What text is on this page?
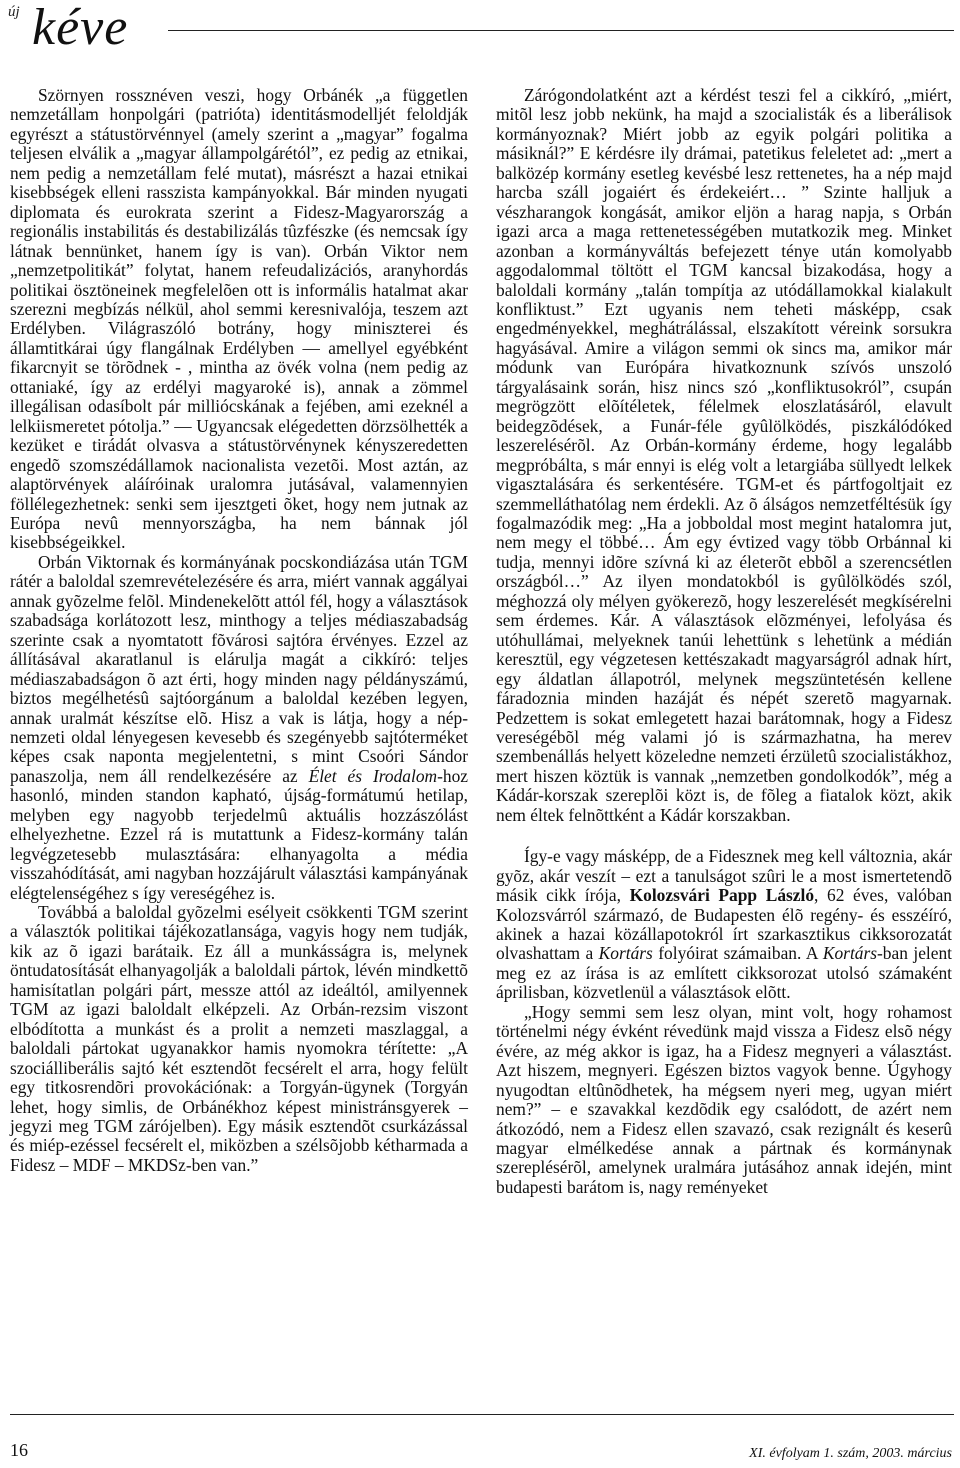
új kéve

Szörnyen rossznéven veszi, hogy Orbánék „a független nemzetállam honpolgári (patrióta) identitásmodelljét feloldják egyrészt a státustörvénnyel (amely szerint a „magyar” fogalma teljesen elválik a „magyar állampolgárétól”, ez pedig az etnikai, nem pedig a nemzetállam felé mutat), másrészt a hazai etnikai kisebbségek elleni rasszista kampányokkal. Bár minden nyugati diplomata és eurokrata szerint a Fidesz-Magyarország a regionális instabilitás és destabilizálás tûzfészke (és nemcsak így látnak bennünket, hanem így is van). Orbán Viktor nem „nemzetpolitikát” folytat, hanem refeudalizációs, aranyhordás politikai ösztöneinek megfelelõen ott is informális hatalmat akar szerezni megbízás nélkül, ahol semmi keresnivalója, teszem azt Erdélyben. Világraszóló botrány, hogy miniszterei és államtitkárai úgy flangálnak Erdélyben — amellyel egyébként fikarcnyit se törõdnek - , mintha az övék volna (nem pedig az ottaniaké, így az erdélyi magyaroké is), annak a zömmel illegálisan odasíbolt pár milliócskának a fejében, ami ezeknél a lelkiismeretet pótolja.” — Ugyancsak elégedetten dörzsölhették a kezüket e tirádát olvasva a státustörvénynek kényszeredetten engedõ szomszédállamok nacionalista vezetõi. Most aztán, az alaptörvények aláíróinak uralomra jutásával, valamennyien föllélegezhetnek: senki sem ijesztgeti õket, hogy nem jutnak az Európa nevû mennyországba, ha nem bánnak jól kisebbségeikkel.

Orbán Viktornak és kormányának pocskondiázása után TGM rátér a baloldal szemrevételezésére és arra, miért vannak aggályai annak gyõzelme felõl. Mindenekelõtt attól fél, hogy a választások szabadsága korlátozott lesz, minthogy a teljes médiaszabadság szerinte csak a nyomtatott fõvárosi sajtóra érvényes. Ezzel az állításával akaratlanul is elárulja magát a cikkíró: teljes médiaszabadságon õ azt érti, hogy minden nagy példányszámú, biztos megélhetésû sajtóorgánum a baloldal kezében legyen, annak uralmát készítse elõ. Hisz a vak is látja, hogy a nép-nemzeti oldal lényegesen kevesebb és szegényebb sajtóterméket képes csak naponta megjelentetni, s mint Csoóri Sándor panaszolja, nem áll rendelkezésére az Élet és Irodalom-hoz hasonló, minden standon kapható, újság-formátumú hetilap, melyben egy nagyobb terjedelmû aktuális hozzászólást elhelyezhetne. Ezzel rá is mutattunk a Fidesz-kormány talán legvégzetesebb mulasztására: elhanyagolta a média visszahódítását, ami nagyban hozzájárult választási kampányának elégtelenségéhez s így vereségéhez is.

Továbbá a baloldal gyõzelmi esélyeit csökkenti TGM szerint a választók politikai tájékozatlansága, vagyis hogy nem tudják, kik az õ igazi barátaik. Ez áll a munkásságra is, melynek öntudatosítását elhanyagolják a baloldali pártok, lévén mindkettõ hamisítatlan polgári párt, messze attól az ideáltól, amilyennek TGM az igazi baloldalt elképzeli. Az Orbán-rezsim viszont elbódította a munkást és a prolit a nemzeti maszlaggal, a baloldali pártokat ugyanakkor hamis nyomokra térítette: „A szociálliberális sajtó két esztendõt fecsérelt el arra, hogy felült egy titkosrendõri provokációnak: a Torgyán-ügynek (Torgyán lehet, hogy simlis, de Orbánékhoz képest ministránsgyerek – jegyzi meg TGM zárójelben). Egy másik esztendõt csurkázással és miép-ezéssel fecsérelt el, miközben a szélsõjobb kétharmada a Fidesz – MDF – MKDSz-ben van.”

Zárógondolatként azt a kérdést teszi fel a cikkíró, „miért, mitõl lesz jobb nekünk, ha majd a szocialisták és a liberálisok kormányoznak? Miért jobb az egyik polgári politika a másiknál?” E kérdésre ily drámai, patetikus feleletet ad: „mert a balközép kormány esetleg kevésbé lesz rettenetes, ha a nép majd harcba száll jogaiért és érdekeiért… ” Szinte halljuk a vészharangok kongását, amikor eljön a harag napja, s Orbán igazi arca a maga rettenetességében mutatkozik meg. Minket azonban a kormányváltás befejezett ténye után komolyabb aggodalommal töltött el TGM kancsal bizakodása, hogy a baloldali kormány „talán tompítja az utódállamokkal kialakult konfliktust.” Ezt ugyanis nem teheti másképp, csak engedményekkel, meghátrálással, elszakított véreink sorsukra hagyásával. Amire a világon semmi ok sincs ma, amikor már módunk van Európára hivatkoznunk szívós unszoló tárgyalásaink során, hisz nincs szó „konfliktusokról”, csupán megrögzött elõítéletek, félelmek eloszlatásáról, elavult beidegzõdések, a Funár-féle gyûlölködés, piszkálódóked leszerelésérõl. Az Orbán-kormány érdeme, hogy legalább megpróbálta, s már ennyi is elég volt a letargiába süllyedt lelkek vigasztalására és serkentésére. TGM-et és pártfogoltjait ez szemmelláthatólag nem érdekli. Az õ álságos nemzetféltésük így fogalmazódik meg: „Ha a jobboldal most megint hatalomra jut, nem megy el többé… Ám egy évtized vagy több Orbánnal ki tudja, mennyi idõre szívná ki az életerõt ebbõl a szerencsétlen országból…” Az ilyen mondatokból is gyûlölködés szól, méghozzá oly mélyen gyökerezõ, hogy leszerelését megkísérelni sem érdemes. Kár. A választások elõzményei, lefolyása és utóhullámai, melyeknek tanúi lehettünk s lehetünk a médián keresztül, egy végzetesen kettészakadt magyarságról adnak hírt, egy áldatlan állapotról, melynek megszüntetésén kellene fáradoznia minden hazáját és népét szeretõ magyarnak. Pedzettem is sokat emlegetett hazai barátomnak, hogy a Fidesz vereségébõl még valami jó is származhatna, ha merev szembenállás helyett közeledne nemzeti érzületû szocialistákhoz, mert hiszen köztük is vannak „nemzetben gondolkodók”, még a Kádár-korszak szereplõi közt is, de fõleg a fiatalok közt, akik nem éltek felnõttként a Kádár korszakban.

Így-e vagy másképp, de a Fidesznek meg kell változnia, akár gyõz, akár veszít – ezt a tanulságot szûri le a most ismertetendõ másik cikk írója, Kolozsvári Papp László, 62 éves, valóban Kolozsvárról származó, de Budapesten élõ regény- és esszéíró, akinek a hazai közállapotokról írt szarkasztikus cikksorozatát olvashattam a Kortárs folyóirat számaiban. A Kortárs-ban jelent meg ez az írása is az említett cikksorozat utolsó számaként áprilisban, közvetlenül a választások elõtt.

„Hogy semmi sem lesz olyan, mint volt, hogy rohamost történelmi négy évként révedünk majd vissza a Fidesz elsõ négy évére, az még akkor is igaz, ha a Fidesz megnyeri a választást. Azt hiszem, megnyeri. Egészen biztos vagyok benne. Úgyhogy nyugodtan eltûnõdhetek, ha mégsem nyeri meg, ugyan miért nem?” – e szavakkal kezdõdik egy csalódott, de azért nem átkozódó, nem a Fidesz ellen szavazó, csak rezignált és keserû magyar elmélkedése annak a pártnak és kormánynak szereplésérõl, amelynek uralmára jutásához annak idején, mint budapesti barátom is, nagy reményeket

16	XI. évfolyam 1. szám, 2003. március
